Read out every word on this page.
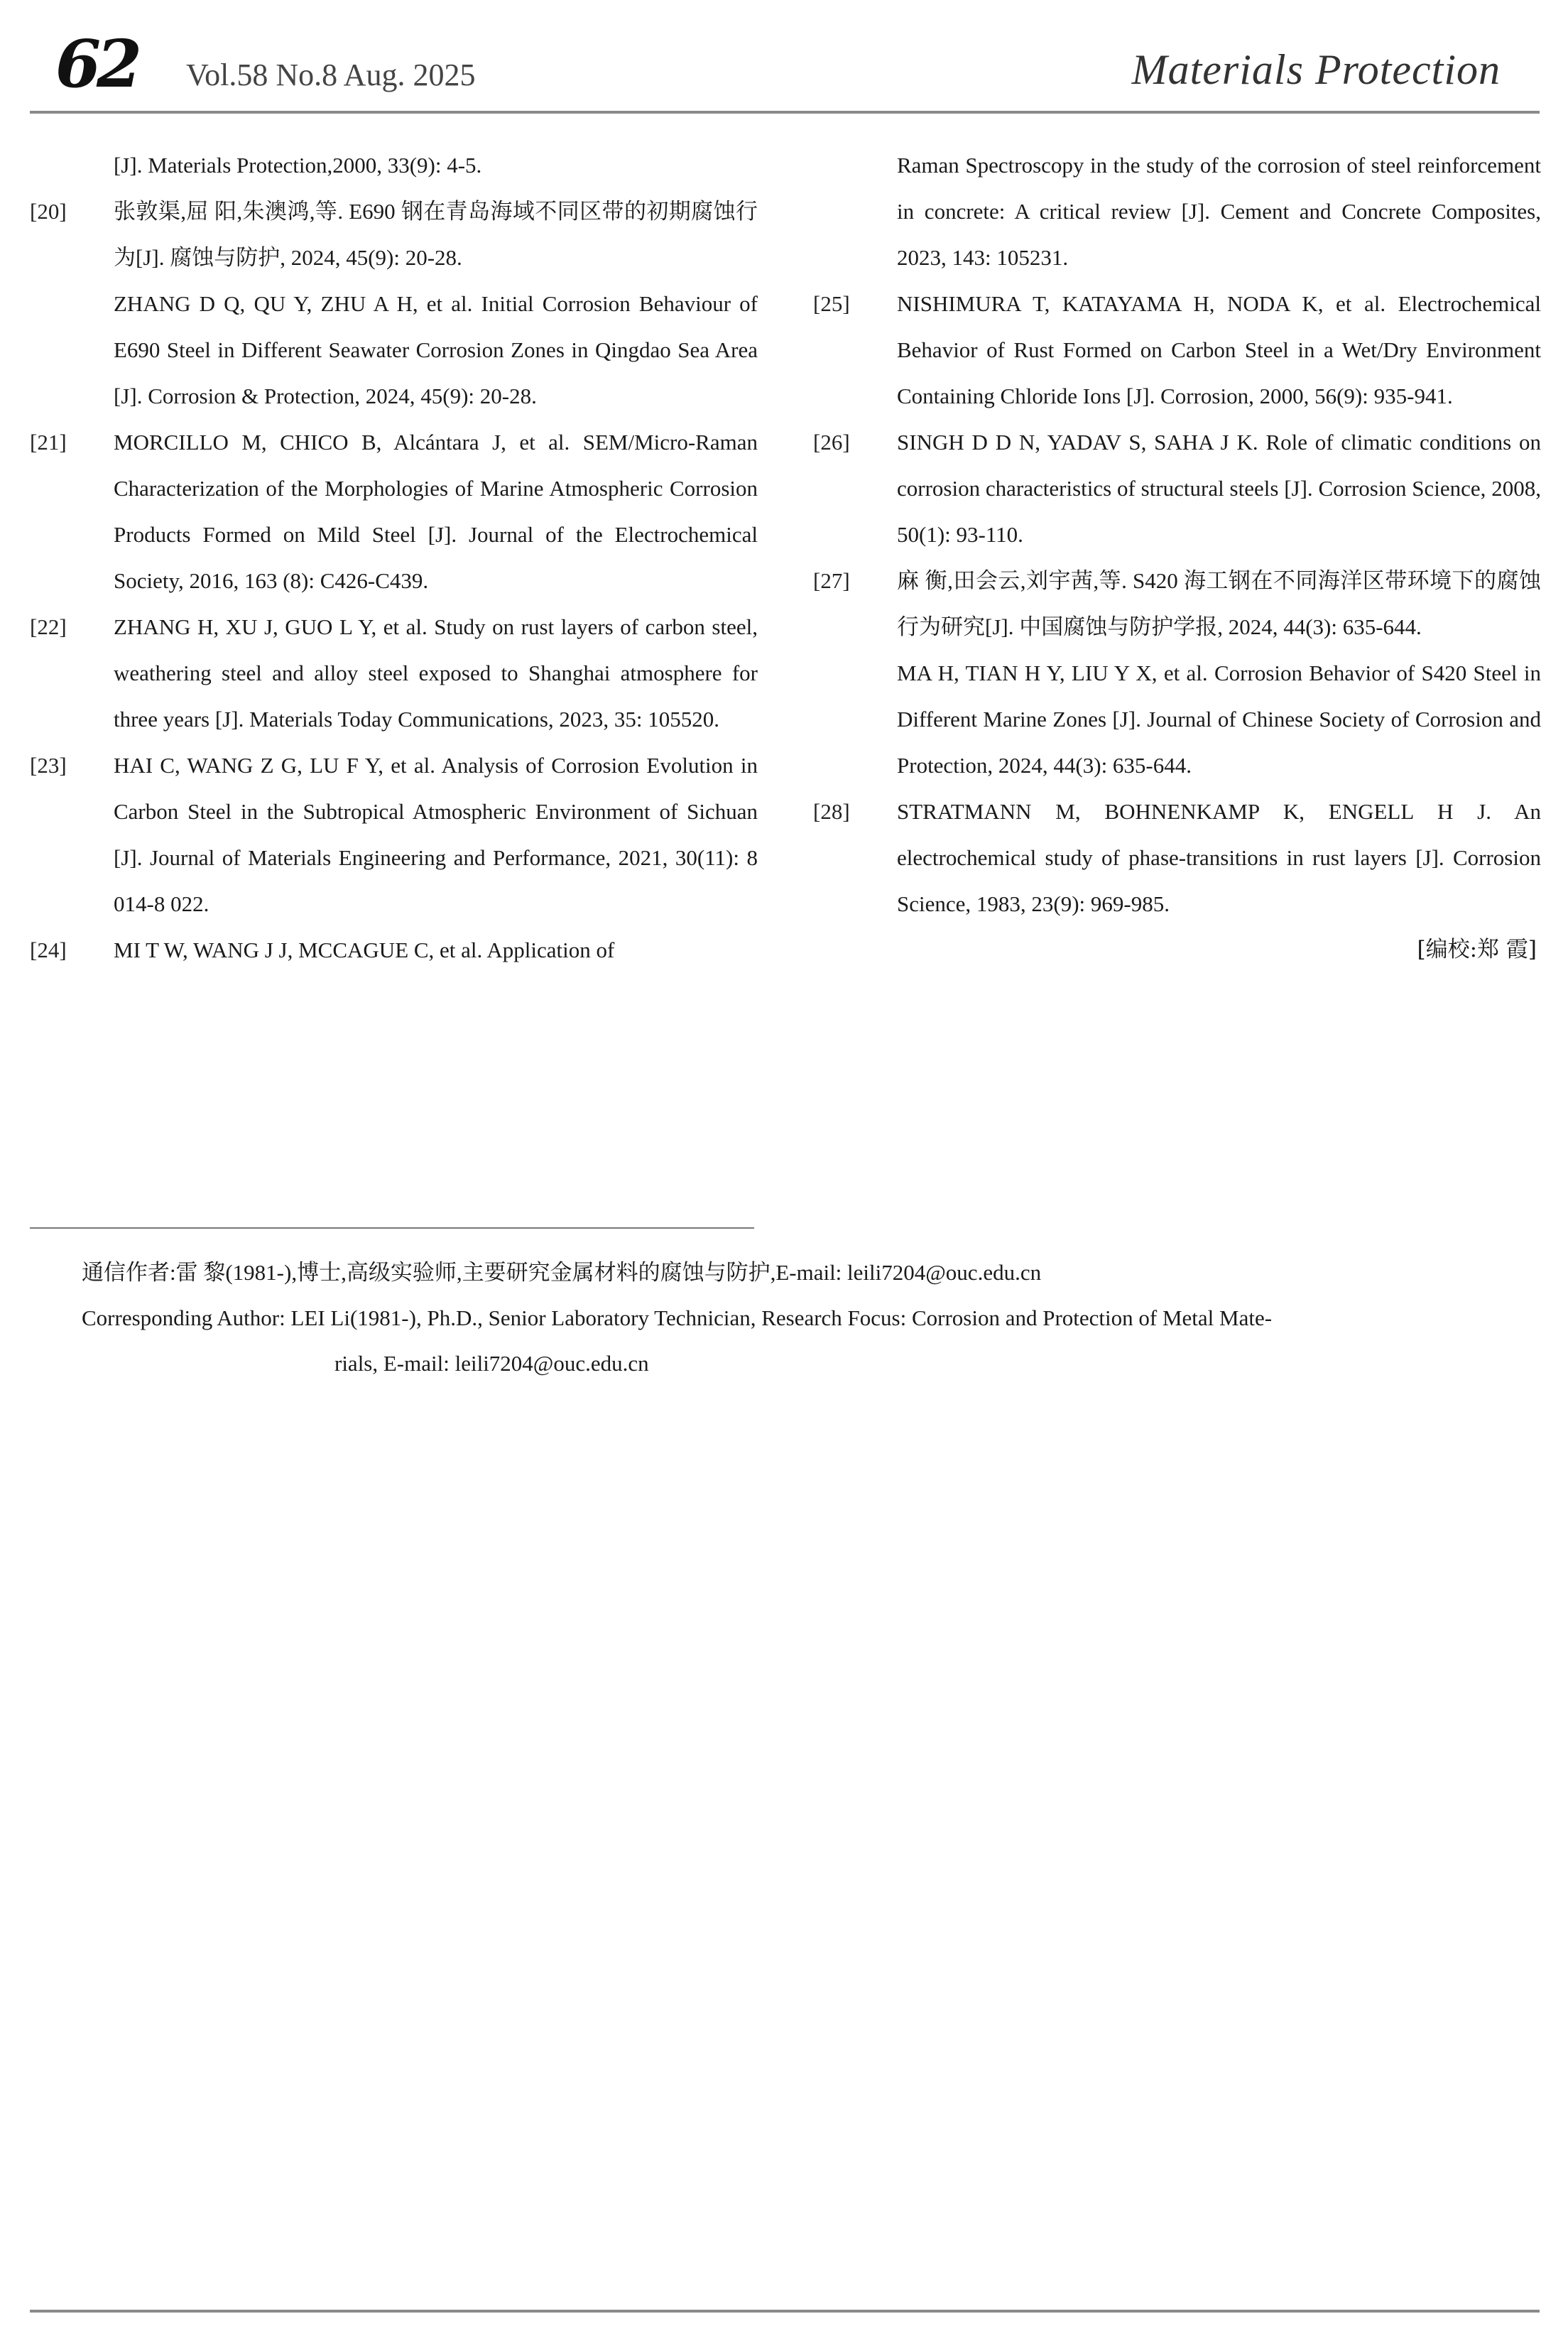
62 Vol.58 No.8 Aug. 2025	Materials Protection

[J]. Materials Protection,2000, 33(9): 4-5.

[20]	张敦渠,屈 阳,朱澳鸿,等. E690 钢在青岛海域不同区带的初期腐蚀行为[J]. 腐蚀与防护, 2024, 45(9): 20-28.

ZHANG D Q, QU Y, ZHU A H, et al. Initial Corrosion Behaviour of E690 Steel in Different Seawater Corrosion Zones in Qingdao Sea Area [J]. Corrosion & Protection, 2024, 45(9): 20-28.

[21]	MORCILLO M, CHICO B, Alcántara J, et al. SEM/Micro-Raman Characterization of the Morphologies of Marine Atmospheric Corrosion Products Formed on Mild Steel [J]. Journal of the Electrochemical Society, 2016, 163 (8): C426-C439.

[22]	ZHANG H, XU J, GUO L Y, et al. Study on rust layers of carbon steel, weathering steel and alloy steel exposed to Shanghai atmosphere for three years [J]. Materials Today Communications, 2023, 35: 105520.

[23]	HAI C, WANG Z G, LU F Y, et al. Analysis of Corrosion Evolution in Carbon Steel in the Subtropical Atmospheric Environment of Sichuan [J]. Journal of Materials Engineering and Performance, 2021, 30(11): 8 014-8 022.

[24]	MI T W, WANG J J, MCCAGUE C, et al. Application of

Raman Spectroscopy in the study of the corrosion of steel reinforcement in concrete: A critical review [J]. Cement and Concrete Composites, 2023, 143: 105231.

[25]	NISHIMURA T, KATAYAMA H, NODA K, et al. Electrochemical Behavior of Rust Formed on Carbon Steel in a Wet/Dry Environment Containing Chloride Ions [J]. Corrosion, 2000, 56(9): 935-941.

[26]	SINGH D D N, YADAV S, SAHA J K. Role of climatic conditions on corrosion characteristics of structural steels [J]. Corrosion Science, 2008, 50(1): 93-110.

[27]	麻 衡,田会云,刘宇茜,等. S420 海工钢在不同海洋区带环境下的腐蚀行为研究[J]. 中国腐蚀与防护学报, 2024, 44(3): 635-644.

MA H, TIAN H Y, LIU Y X, et al. Corrosion Behavior of S420 Steel in Different Marine Zones [J]. Journal of Chinese Society of Corrosion and Protection, 2024, 44(3): 635-644.

[28]	STRATMANN M, BOHNENKAMP K, ENGELL H J. An electrochemical study of phase-transitions in rust layers [J]. Corrosion Science, 1983, 23(9): 969-985.

[编校:郑 霞]

通信作者:雷 黎(1981-),博士,高级实验师,主要研究金属材料的腐蚀与防护,E-mail: leili7204@ouc.edu.cn

Corresponding Author: LEI Li(1981-), Ph.D., Senior Laboratory Technician, Research Focus: Corrosion and Protection of Metal Mate-

rials, E-mail: leili7204@ouc.edu.cn
